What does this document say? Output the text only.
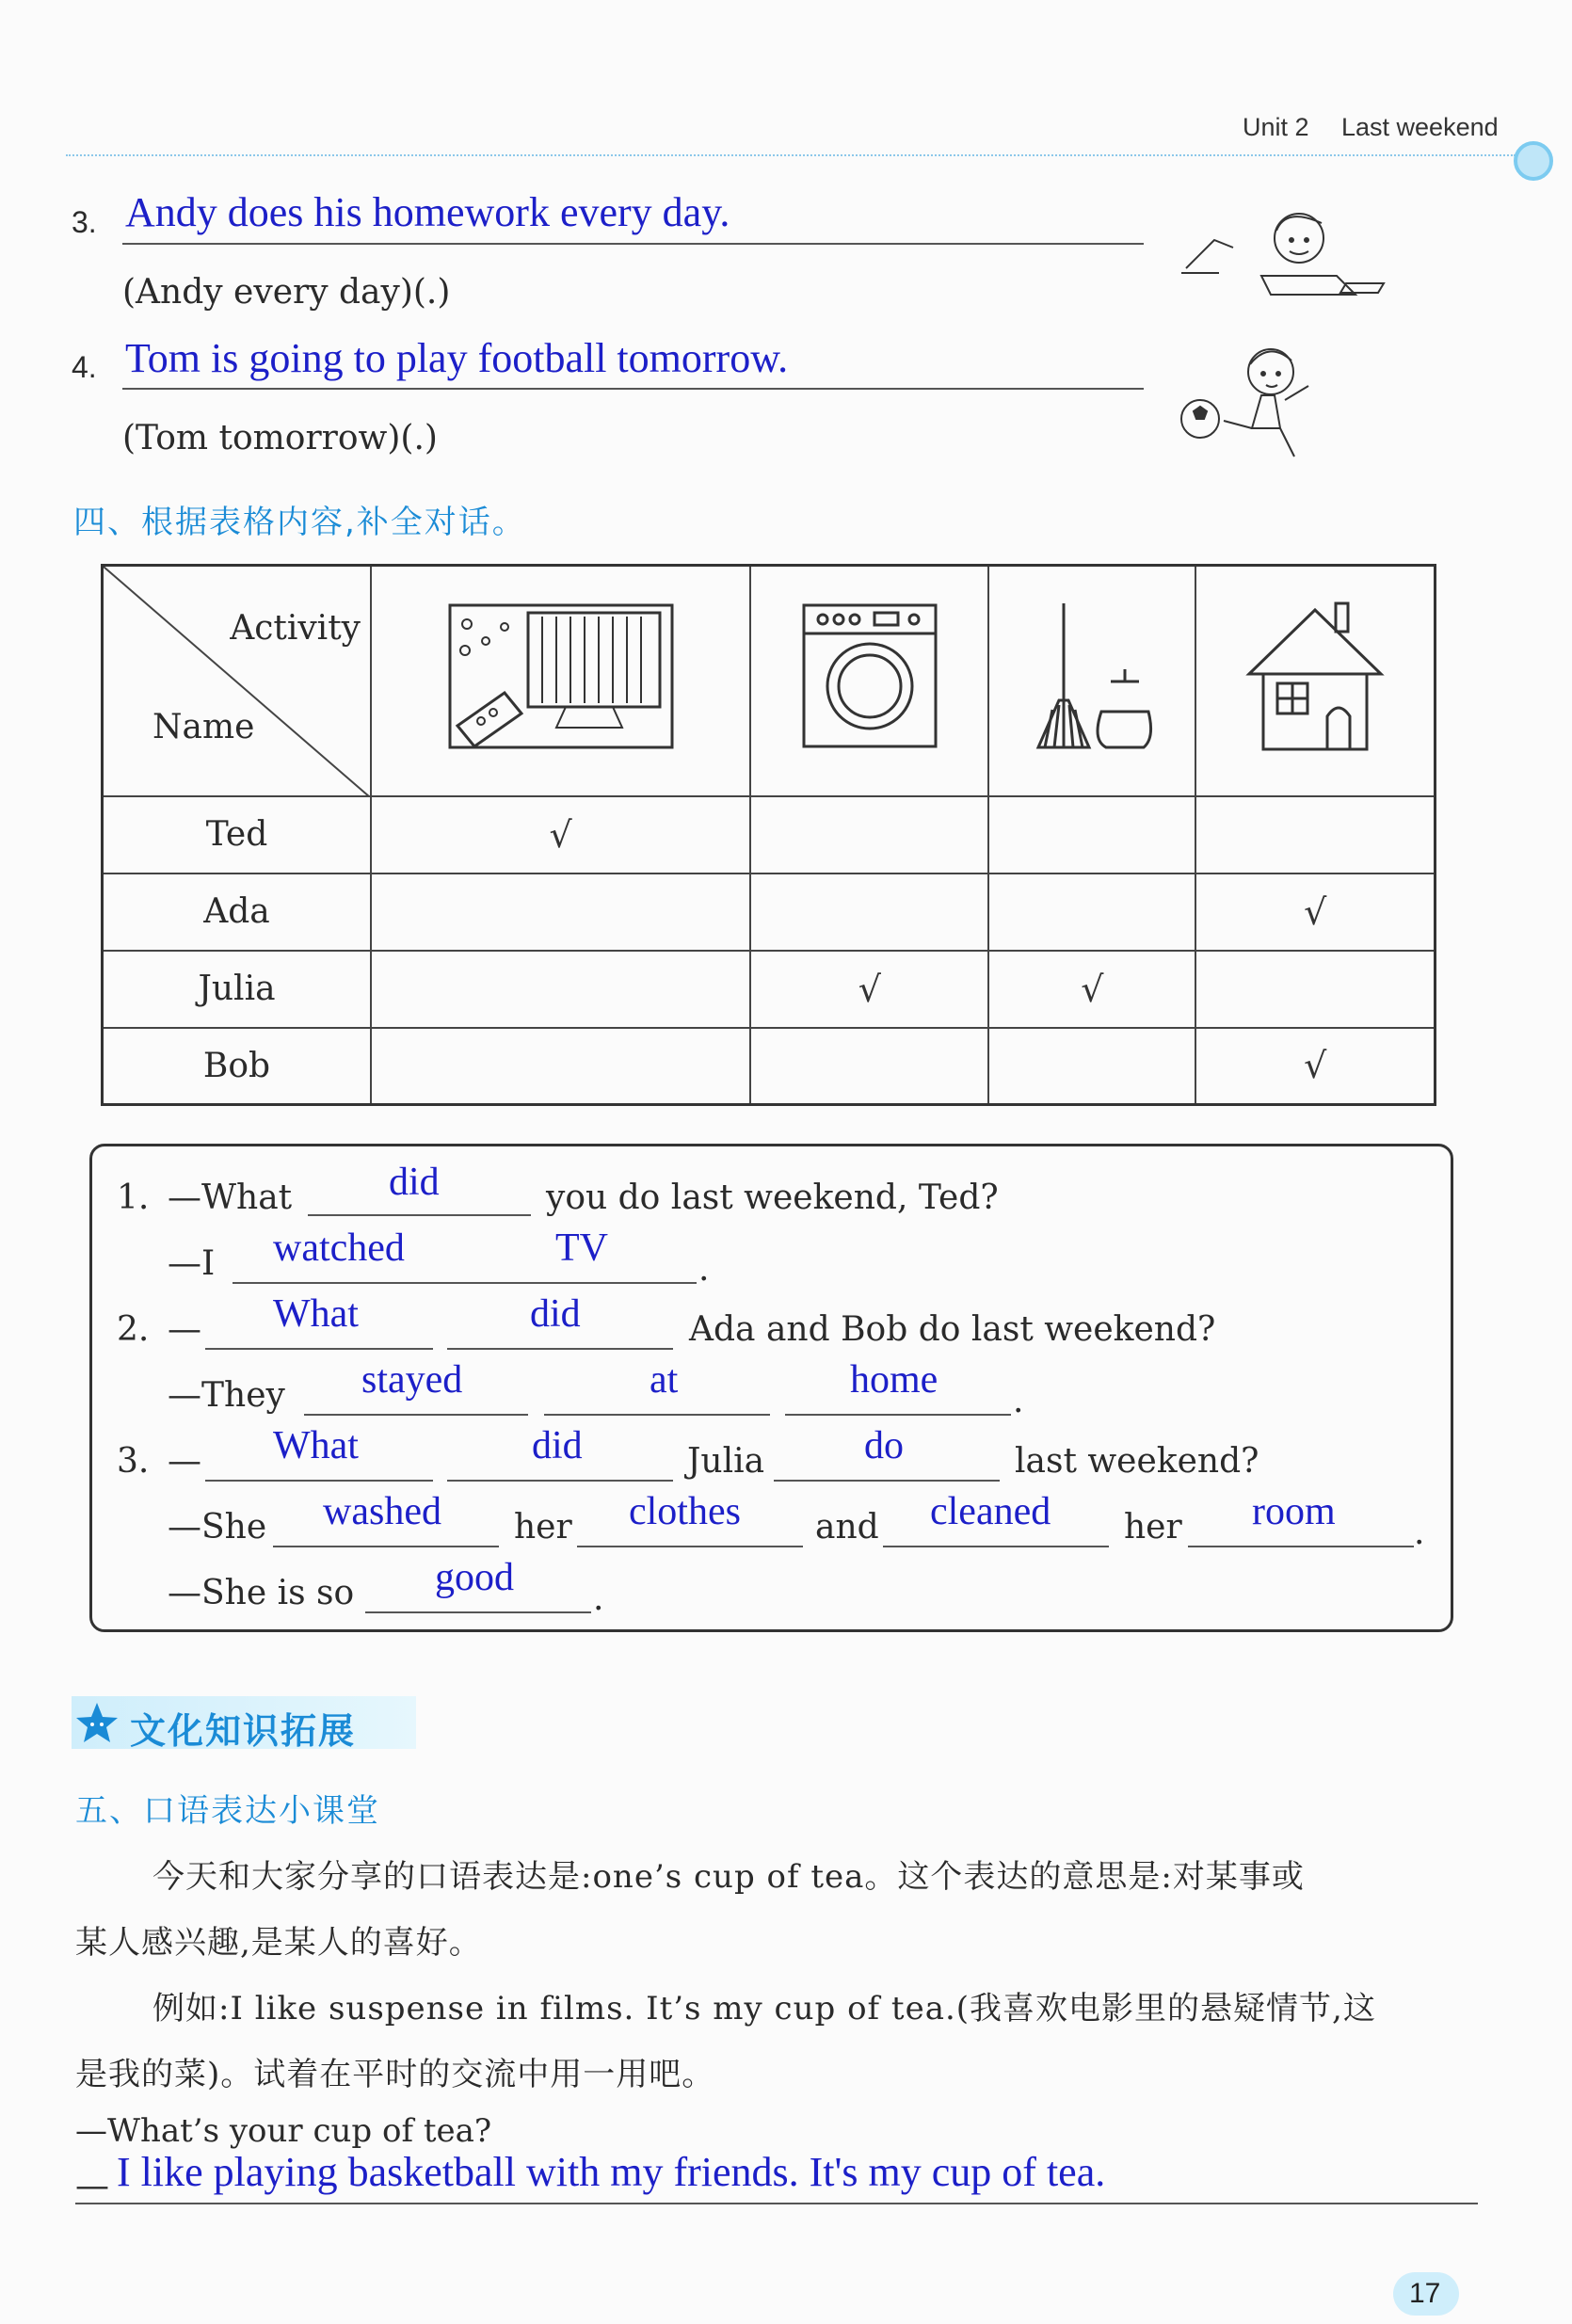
Unit 2 Last weekend
3. Andy does his homework every day.
(Andy every day)(.)
4. Tom is going to play football tomorrow.
(Tom tomorrow)(.)
四、根据表格内容,补全对话。
Activity
Name

Ted	√			
Ada				√
Julia		√	√	
Bob				√
1. —What did	you do last weekend, Ted?
—I watched	TV	.
2. — What	did	Ada and Bob do last weekend?
—They stayed	at	home .
3. — What	did	Julia	do	last weekend?
—She washed her clothes and cleaned her room .
—She is so good .
文化知识拓展
五、口语表达小课堂
今天和大家分享的口语表达是:one’s cup of tea。这个表达的意思是:对某事或
某人感兴趣,是某人的喜好。
例如:I like suspense in films. It’s my cup of tea.(我喜欢电影里的悬疑情节,这
是我的菜)。试着在平时的交流中用一用吧。
—What’s your cup of tea?
— I like playing basketball with my friends. It's my cup of tea.
17
